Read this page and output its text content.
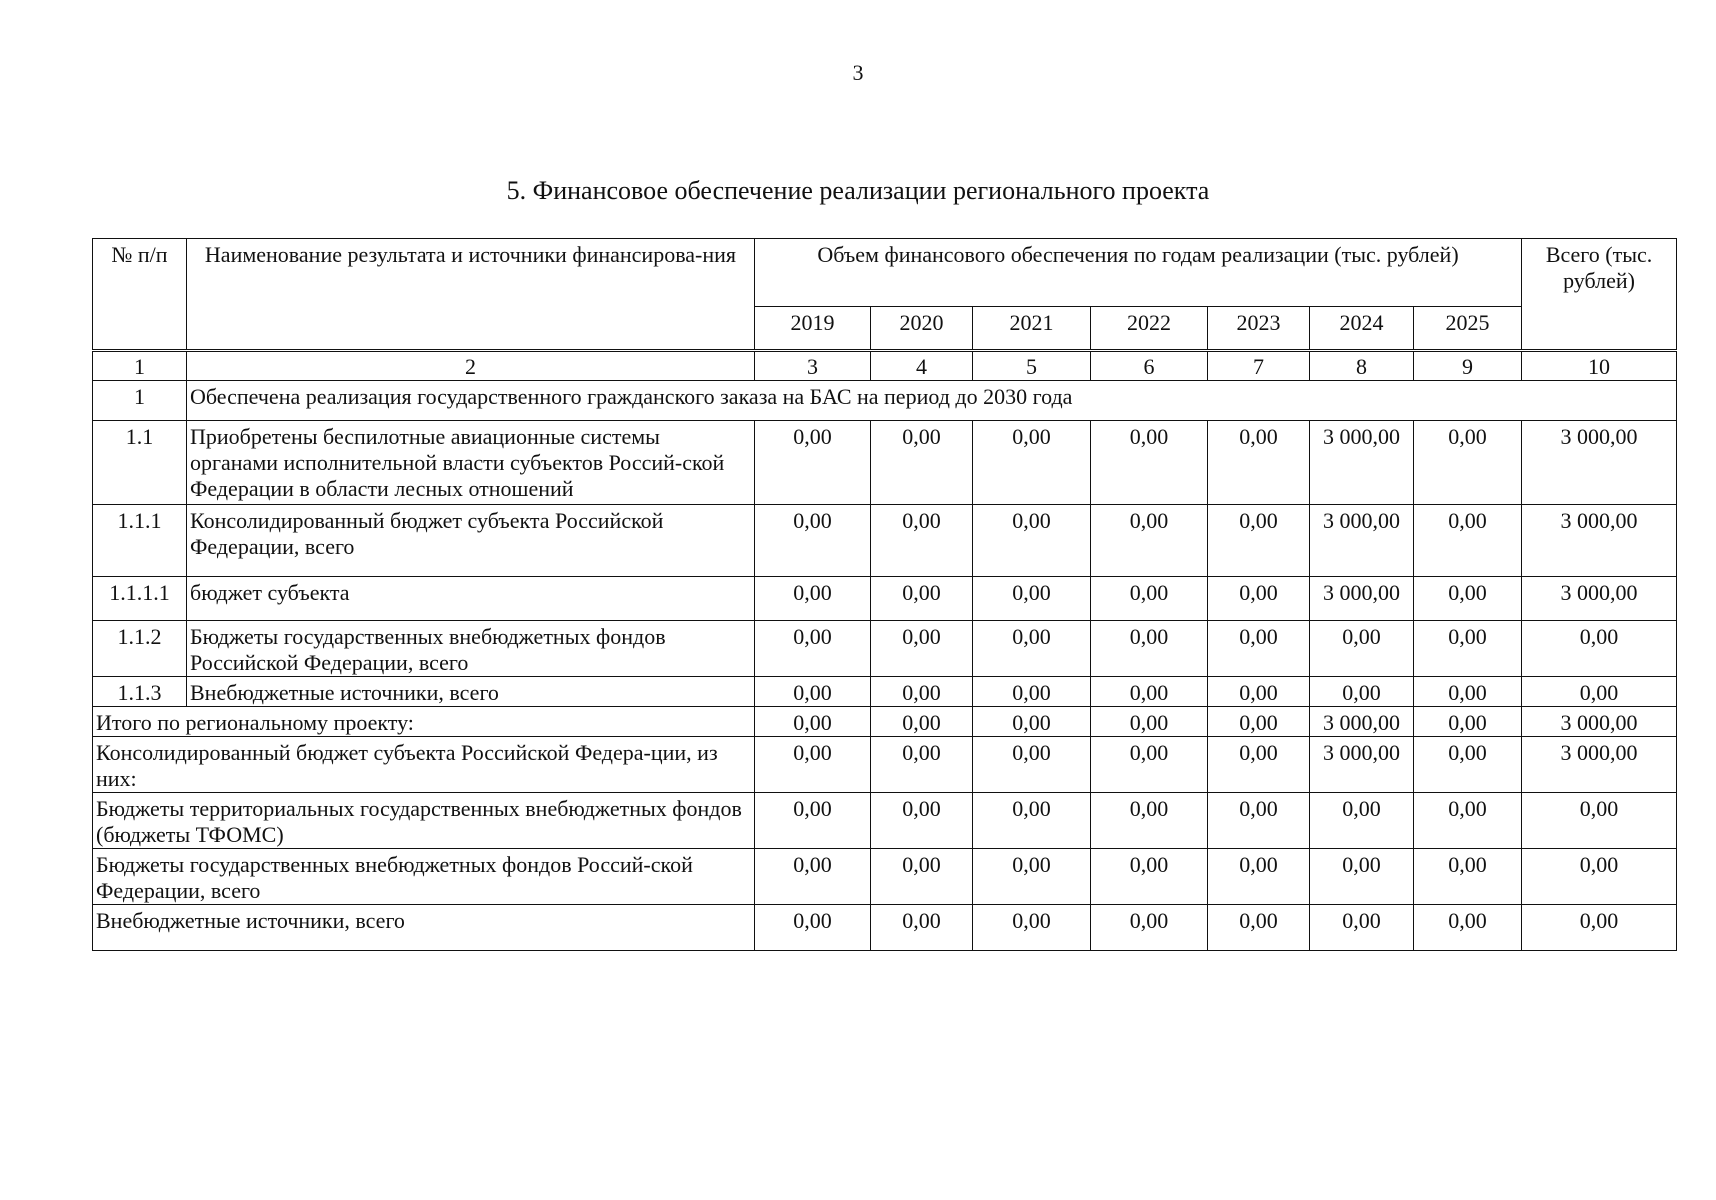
3
5. Финансовое обеспечение реализации регионального проекта
№ п/п	Наименование результата и источники финансирова-ния	Объем финансового обеспечения по годам реализации (тыс. рублей)							Всего (тыс. рублей)
		2019	2020	2021	2022	2023	2024	2025	
1	2	3	4	5	6	7	8	9	10
1	Обеспечена реализация государственного гражданского заказа на БАС на период до 2030 года								
1.1	Приобретены беспилотные авиационные системы органами исполнительной власти субъектов Россий-ской Федерации в области лесных отношений	0,00	0,00	0,00	0,00	0,00	3 000,00	0,00	3 000,00
1.1.1	Консолидированный бюджет субъекта Российской Федерации, всего	0,00	0,00	0,00	0,00	0,00	3 000,00	0,00	3 000,00
1.1.1.1	бюджет субъекта	0,00	0,00	0,00	0,00	0,00	3 000,00	0,00	3 000,00
1.1.2	Бюджеты государственных внебюджетных фондов Российской Федерации, всего	0,00	0,00	0,00	0,00	0,00	0,00	0,00	0,00
1.1.3	Внебюджетные источники, всего	0,00	0,00	0,00	0,00	0,00	0,00	0,00	0,00
Итого по региональному проекту:		0,00	0,00	0,00	0,00	0,00	3 000,00	0,00	3 000,00
Консолидированный бюджет субъекта Российской Федера-ции, из них:		0,00	0,00	0,00	0,00	0,00	3 000,00	0,00	3 000,00
Бюджеты территориальных государственных внебюджетных фондов (бюджеты ТФОМС)		0,00	0,00	0,00	0,00	0,00	0,00	0,00	0,00
Бюджеты государственных внебюджетных фондов Россий-ской Федерации, всего		0,00	0,00	0,00	0,00	0,00	0,00	0,00	0,00
Внебюджетные источники, всего		0,00	0,00	0,00	0,00	0,00	0,00	0,00	0,00
